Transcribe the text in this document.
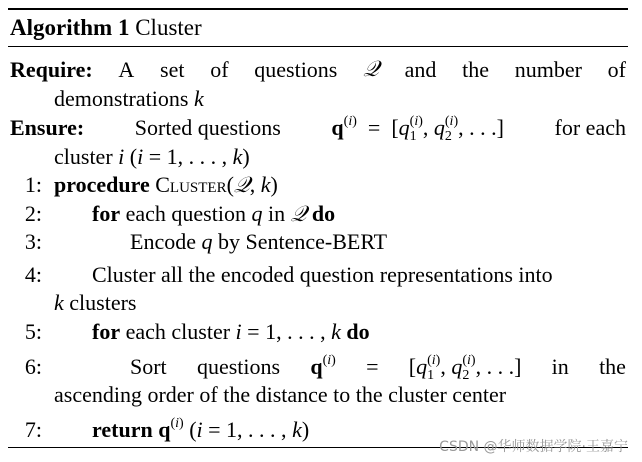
Algorithm 1 Cluster
Require: A set of questions 𝒬 and the number of
demonstrations k
Ensure: Sorted questions $q^{(i)} = [q_1^{(i)}$, $q_2^{(i)}$, . . .] for each
cluster i (i = 1, . . . , k)
1: procedure Cluster(𝒬, k)
2: for each question q in 𝒬 do
3:	Encode q by Sentence-BERT
4: Cluster all the encoded question representations into
k clusters
5: for each cluster i = 1, . . . , k do
6:	Sort questions $q^{(i)} = [q_1^{(i)}$, $q_2^{(i)}$, . . .] in the
ascending order of the distance to the cluster center
7: return $q^{(i)}$ (i = 1, . . . , k)
CSDN @华师数据学院·王嘉宁
